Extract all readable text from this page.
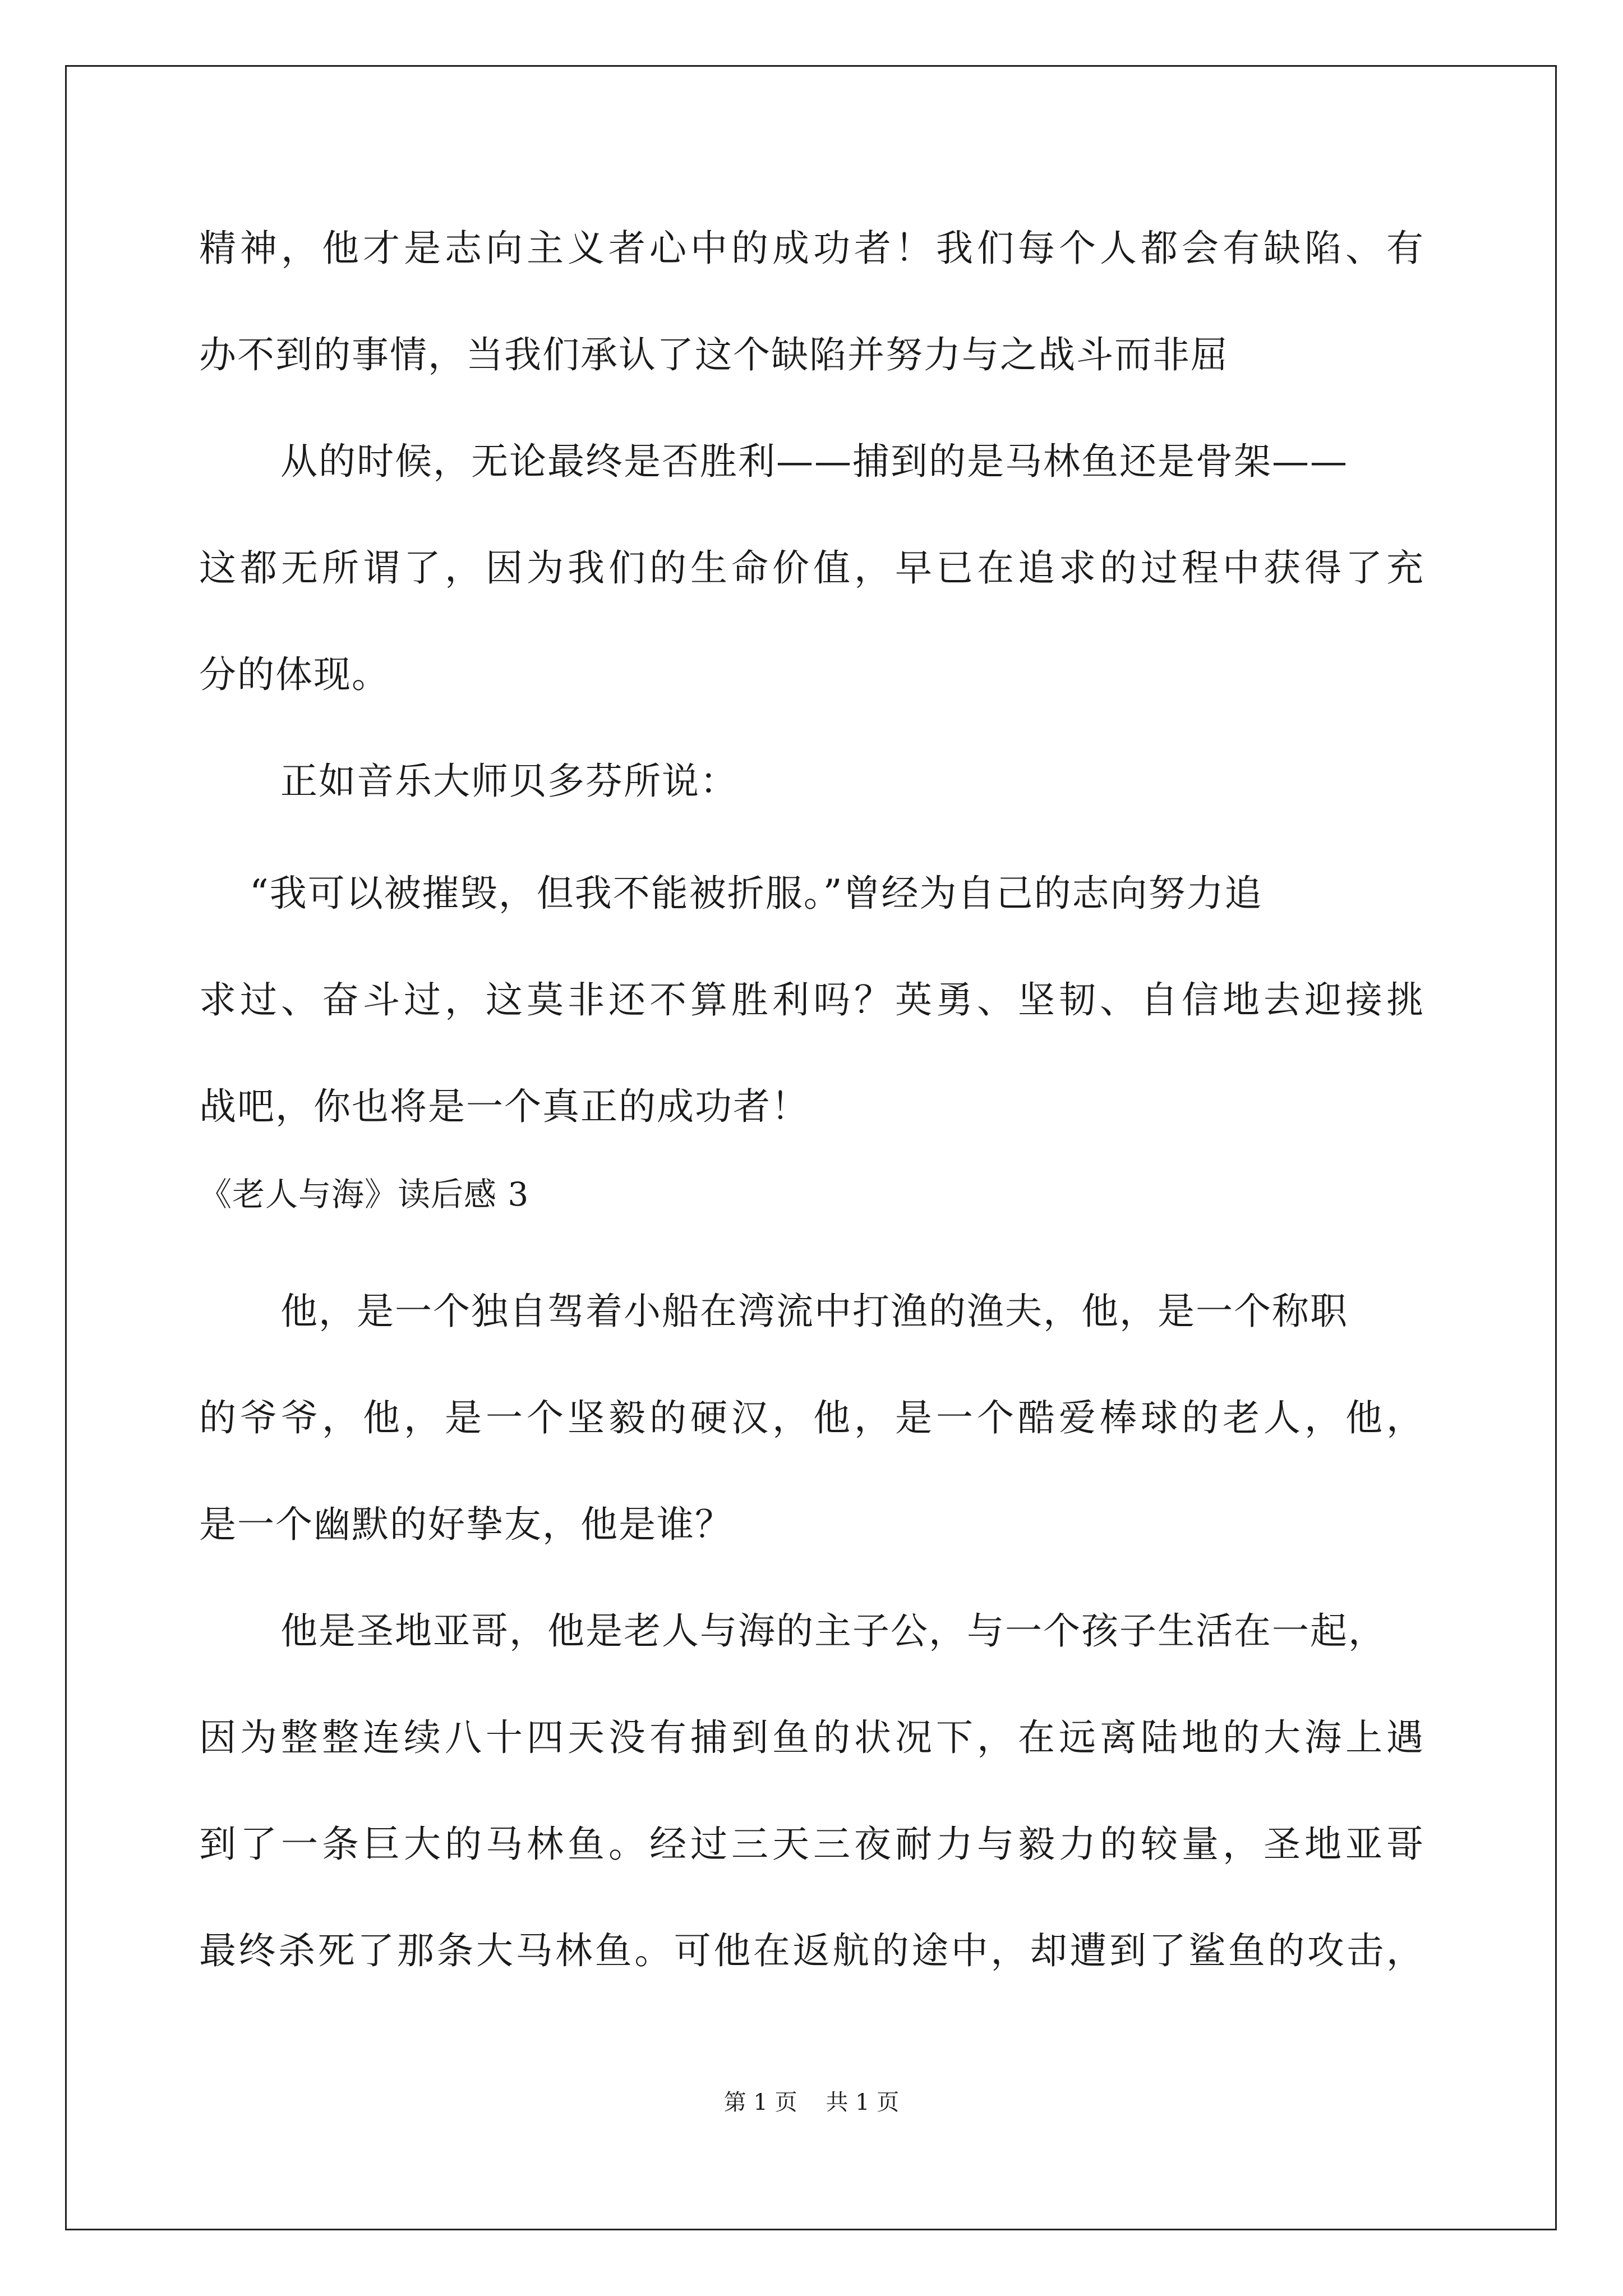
精神，他才是志向主义者心中的成功者！我们每个人都会有缺陷、有
办不到的事情，当我们承认了这个缺陷并努力与之战斗而非屈
从的时候，无论最终是否胜利——捕到的是马林鱼还是骨架——
这都无所谓了，因为我们的生命价值，早已在追求的过程中获得了充
分的体现。
正如音乐大师贝多芬所说：
“我可以被摧毁，但我不能被折服。”曾经为自己的志向努力追
求过、奋斗过，这莫非还不算胜利吗？英勇、坚韧、自信地去迎接挑
战吧，你也将是一个真正的成功者！
《老人与海》读后感 3
他，是一个独自驾着小船在湾流中打渔的渔夫，他，是一个称职
的爷爷，他，是一个坚毅的硬汉，他，是一个酷爱棒球的老人，他，
是一个幽默的好挚友，他是谁？
他是圣地亚哥，他是老人与海的主子公，与一个孩子生活在一起，
因为整整连续八十四天没有捕到鱼的状况下，在远离陆地的大海上遇
到了一条巨大的马林鱼。经过三天三夜耐力与毅力的较量，圣地亚哥
最终杀死了那条大马林鱼。可他在返航的途中，却遭到了鲨鱼的攻击，
第 1 页    共 1 页
